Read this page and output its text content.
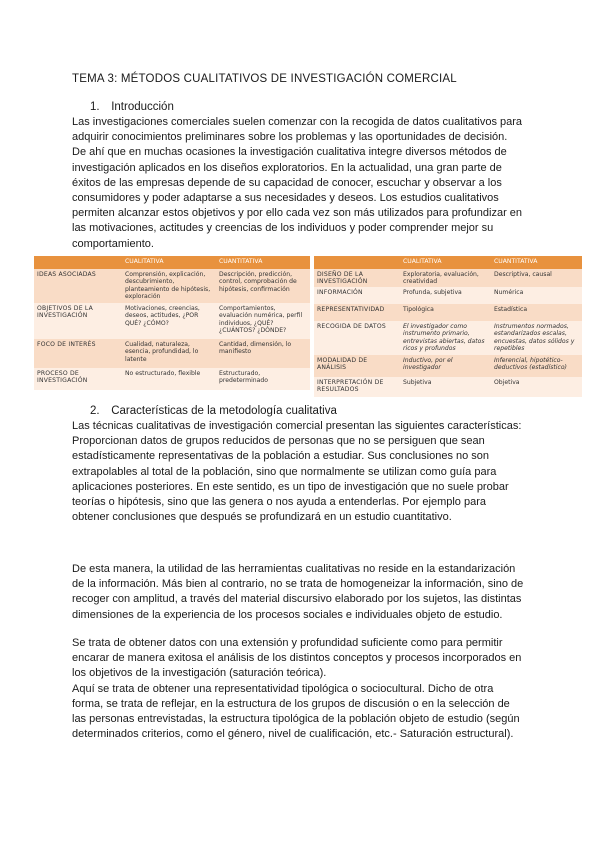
TEMA 3: MÉTODOS CUALITATIVOS DE INVESTIGACIÓN COMERCIAL
1. Introducción
Las investigaciones comerciales suelen comenzar con la recogida de datos cualitativos para
adquirir conocimientos preliminares sobre los problemas y las oportunidades de decisión.
De ahí que en muchas ocasiones la investigación cualitativa integre diversos métodos de
investigación aplicados en los diseños exploratorios. En la actualidad, una gran parte de
éxitos de las empresas depende de su capacidad de conocer, escuchar y observar a los
consumidores y poder adaptarse a sus necesidades y deseos. Los estudios cualitativos
permiten alcanzar estos objetivos y por ello cada vez son más utilizados para profundizar en
las motivaciones, actitudes y creencias de los individuos y poder comprender mejor su
comportamiento.
	CUALITATIVA	CUANTITATIVA
IDEAS ASOCIADAS	Comprensión, explicación, descubrimiento, planteamiento de hipótesis, exploración	Descripción, predicción, control, comprobación de hipótesis, confirmación
OBJETIVOS DE LA INVESTIGACIÓN	Motivaciones, creencias, deseos, actitudes, ¿POR QUÉ? ¿CÓMO?	Comportamientos, evaluación numérica, perfil individuos, ¿QUÉ? ¿CUÁNTOS? ¿DÓNDE?
FOCO DE INTERÉS	Cualidad, naturaleza, esencia, profundidad, lo latente	Cantidad, dimensión, lo manifiesto
PROCESO DE INVESTIGACIÓN	No estructurado, flexible	Estructurado, predeterminado
	CUALITATIVA	CUANTITATIVA
DISEÑO DE LA INVESTIGACIÓN	Exploratoria, evaluación, creatividad	Descriptiva, causal
INFORMACIÓN	Profunda, subjetiva	Numérica
REPRESENTATIVIDAD	Tipológica	Estadística
RECOGIDA DE DATOS	El investigador como instrumento primario, entrevistas abiertas, datos ricos y profundos	Instrumentos normados, estandarizados escalas, encuestas, datos sólidos y repetibles
MODALIDAD DE ANÁLISIS	Inductivo, por el investigador	Inferencial, hipotético-deductivos (estadístico)
INTERPRETACIÓN DE RESULTADOS	Subjetiva	Objetiva
2. Características de la metodología cualitativa
Las técnicas cualitativas de investigación comercial presentan las siguientes características:
Proporcionan datos de grupos reducidos de personas que no se persiguen que sean
estadísticamente representativas de la población a estudiar. Sus conclusiones no son
extrapolables al total de la población, sino que normalmente se utilizan como guía para
aplicaciones posteriores. En este sentido, es un tipo de investigación que no suele probar
teorías o hipótesis, sino que las genera o nos ayuda a entenderlas. Por ejemplo para
obtener conclusiones que después se profundizará en un estudio cuantitativo.
De esta manera, la utilidad de las herramientas cualitativas no reside en la estandarización
de la información. Más bien al contrario, no se trata de homogeneizar la información, sino de
recoger con amplitud, a través del material discursivo elaborado por los sujetos, las distintas
dimensiones de la experiencia de los procesos sociales e individuales objeto de estudio.
Se trata de obtener datos con una extensión y profundidad suficiente como para permitir
encarar de manera exitosa el análisis de los distintos conceptos y procesos incorporados en
los objetivos de la investigación (saturación teórica).
Aquí se trata de obtener una representatividad tipológica o sociocultural. Dicho de otra
forma, se trata de reflejar, en la estructura de los grupos de discusión o en la selección de
las personas entrevistadas, la estructura tipológica de la población objeto de estudio (según
determinados criterios, como el género, nivel de cualificación, etc.- Saturación estructural).
